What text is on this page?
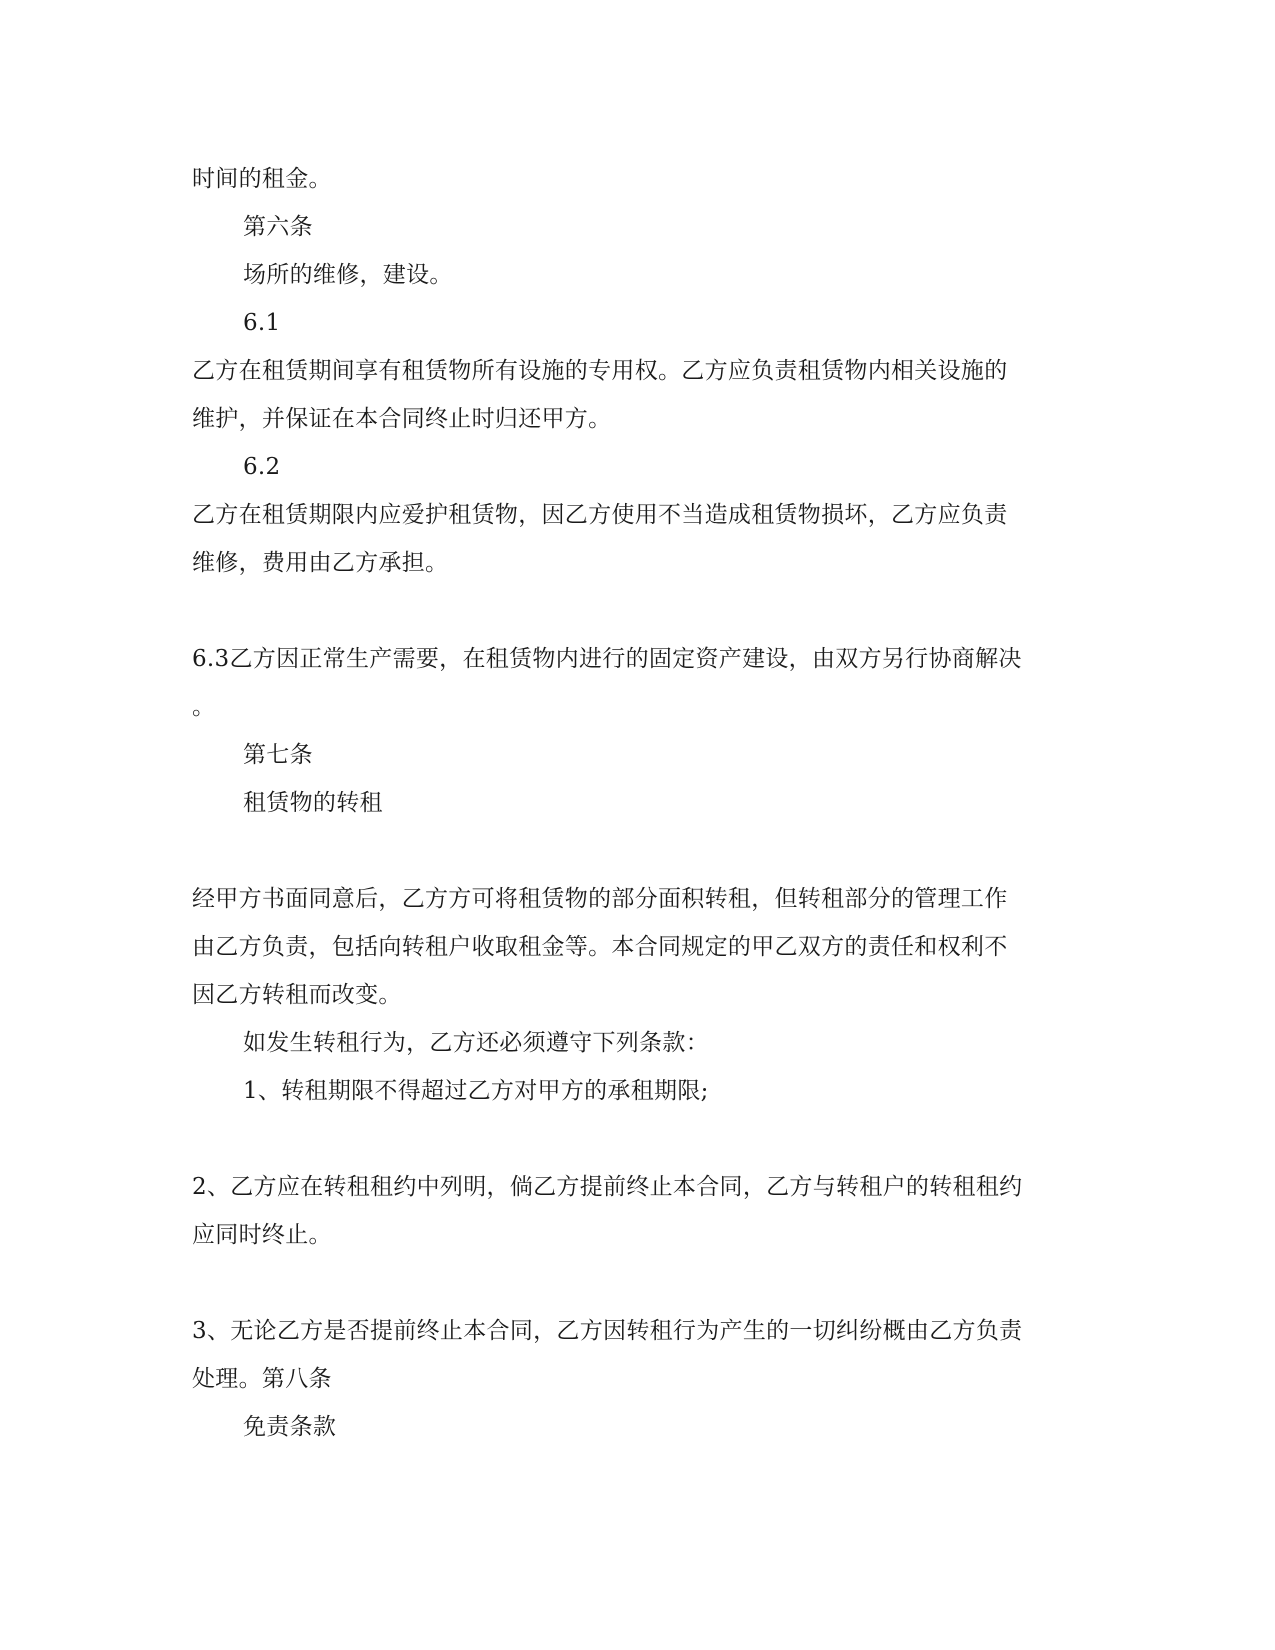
时间的租金。
第六条
场所的维修，建设。
6.1
乙方在租赁期间享有租赁物所有设施的专用权。乙方应负责租赁物内相关设施的
维护，并保证在本合同终止时归还甲方。
6.2
乙方在租赁期限内应爱护租赁物，因乙方使用不当造成租赁物损坏，乙方应负责
维修，费用由乙方承担。
6.3乙方因正常生产需要，在租赁物内进行的固定资产建设，由双方另行协商解决
。
第七条
租赁物的转租
经甲方书面同意后，乙方方可将租赁物的部分面积转租，但转租部分的管理工作
由乙方负责，包括向转租户收取租金等。本合同规定的甲乙双方的责任和权利不
因乙方转租而改变。
如发生转租行为，乙方还必须遵守下列条款：
1、转租期限不得超过乙方对甲方的承租期限;
2、乙方应在转租租约中列明，倘乙方提前终止本合同，乙方与转租户的转租租约
应同时终止。
3、无论乙方是否提前终止本合同，乙方因转租行为产生的一切纠纷概由乙方负责
处理。第八条
免责条款
